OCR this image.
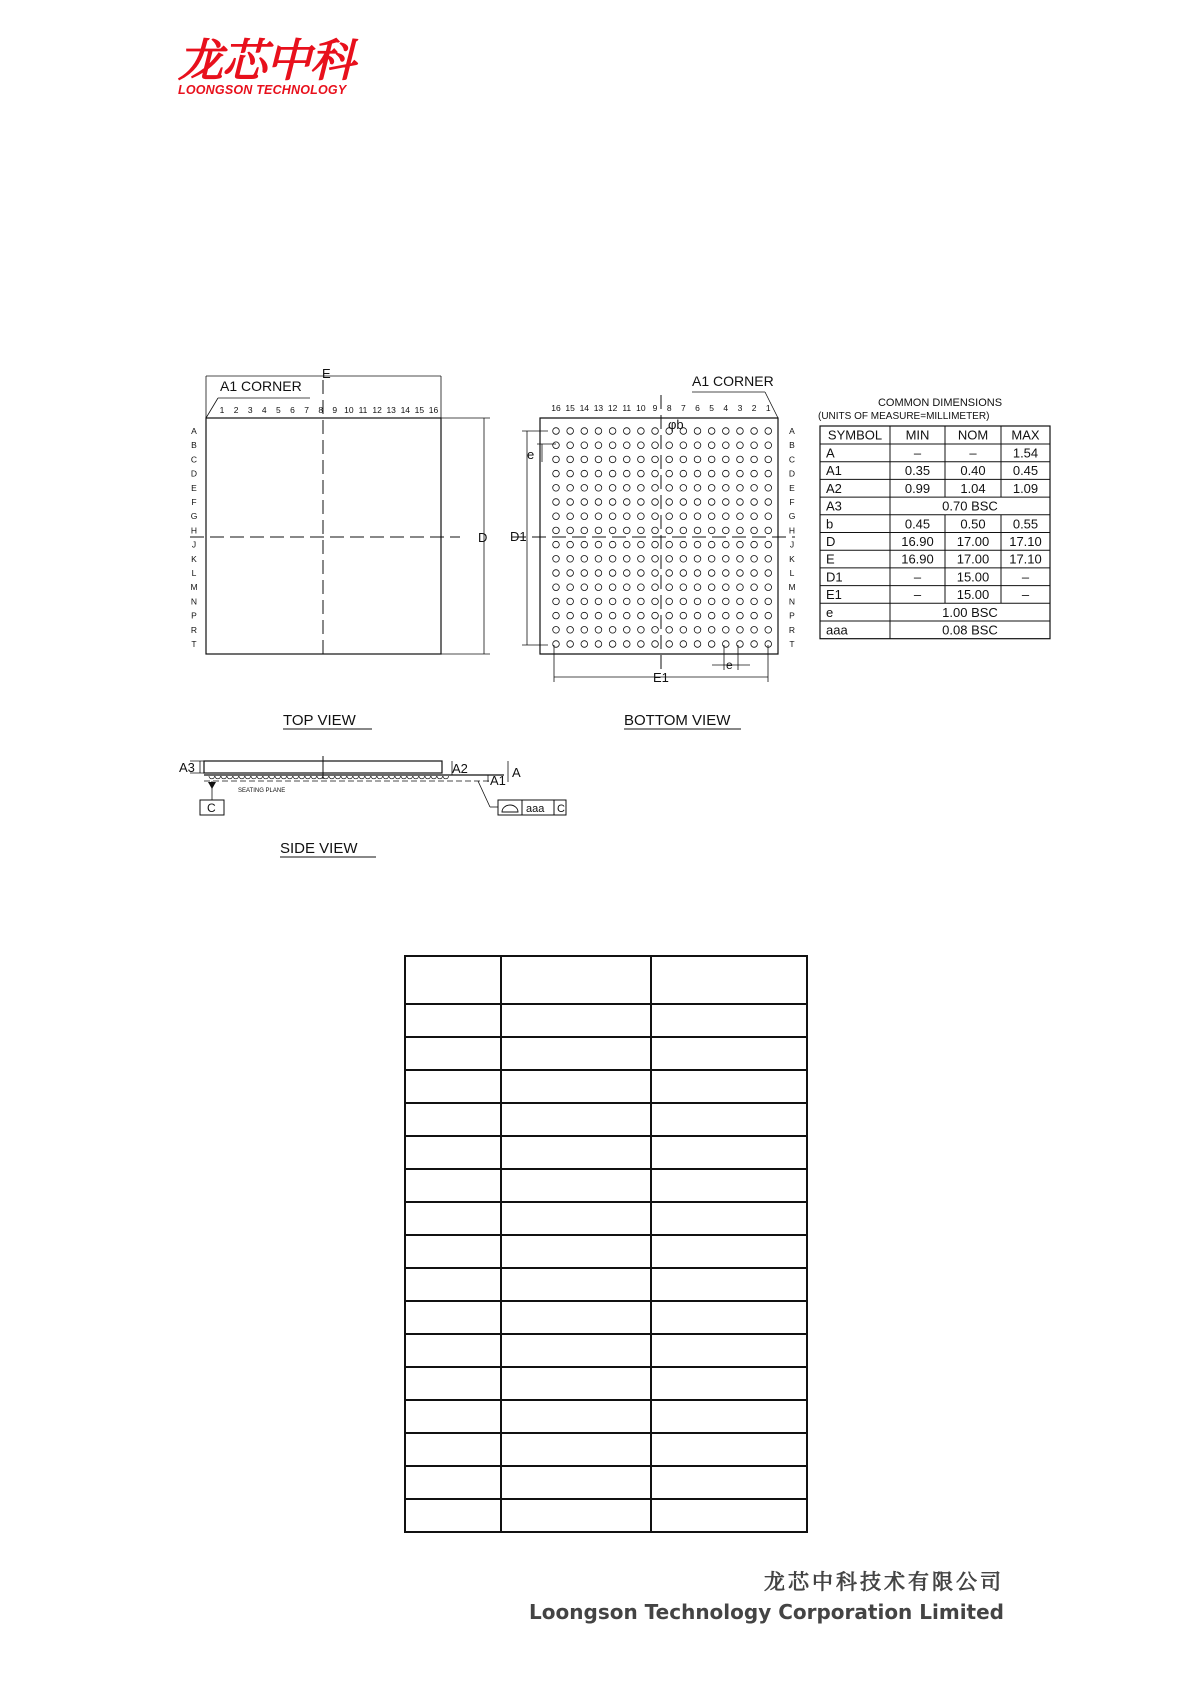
龙芯中科
LOONGSON TECHNOLOGY
E
A1 CORNER
D
1 2 3 4 5 6 7 8 9 10 11 12 13 14 15 16
A
B
C
D
E
F
G
H
J
K
L
M
N
P
R
T
TOP VIEW
A1 CORNER
16 15 14 13 12 11 10 9 8 7 6 5 4 3 2 1
A
B
C
D
E
F
G
H
J
K
L
M
N
P
R
T
D1
e
E1
e
φb
BOTTOM VIEW
COMMON DIMENSIONS
(UNITS OF MEASURE=MILLIMETER)
SYMBOL MIN NOM MAX
A	–	–	1.54
A1	0.35 0.40 0.45
A2	0.99 1.04 1.09
A3	0.70 BSC
b	0.45 0.50 0.55
D	16.90 17.00 17.10
E	16.90 17.00 17.10
D1	–	15.00	–
E1	–	15.00	–
e	1.00 BSC
aaa	0.08 BSC
A3	A2
A1
A
SEATING PLANE
C	aaa C
SIDE VIEW

龙芯中科技术有限公司
Loongson Technology Corporation Limited
